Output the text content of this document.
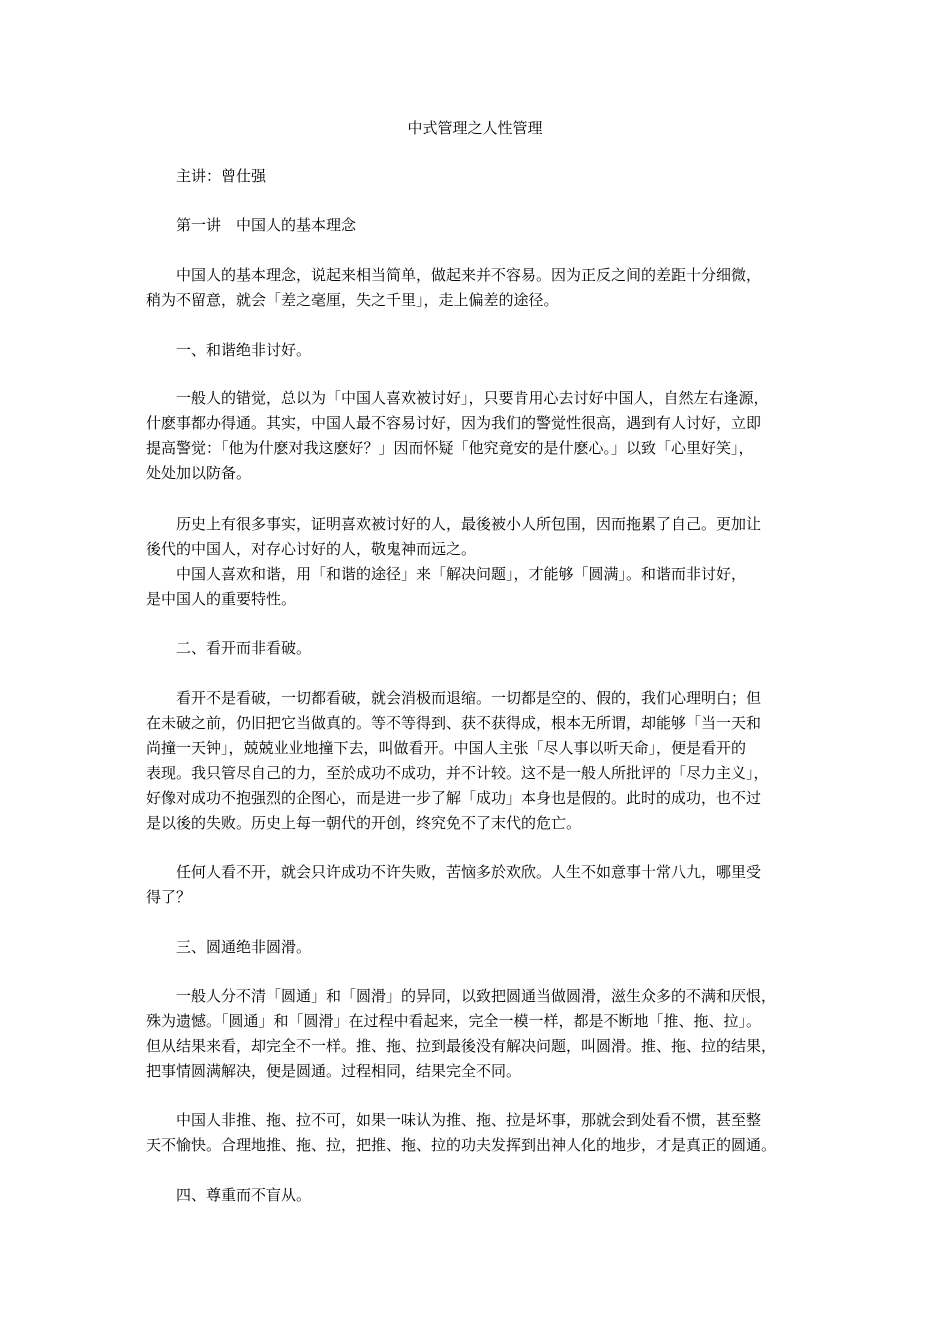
中式管理之人性管理
主讲：曾仕强
第一讲　中国人的基本理念
中国人的基本理念，说起来相当简单，做起来并不容易。因为正反之间的差距十分细微，
稍为不留意，就会「差之毫厘，失之千里」，走上偏差的途径。
一、和谐绝非讨好。
一般人的错觉，总以为「中国人喜欢被讨好」，只要肯用心去讨好中国人，自然左右逢源，
什麽事都办得通。其实，中国人最不容易讨好，因为我们的警觉性很高，遇到有人讨好，立即
提高警觉：「他为什麽对我这麽好？」因而怀疑「他究竟安的是什麽心。」以致「心里好笑」，
处处加以防备。
历史上有很多事实，证明喜欢被讨好的人，最後被小人所包围，因而拖累了自己。更加让
後代的中国人，对存心讨好的人，敬鬼神而远之。
中国人喜欢和谐，用「和谐的途径」来「解决问题」，才能够「圆满」。和谐而非讨好，
是中国人的重要特性。
二、看开而非看破。
看开不是看破，一切都看破，就会消极而退缩。一切都是空的、假的，我们心理明白；但
在未破之前，仍旧把它当做真的。等不等得到、获不获得成，根本无所谓，却能够「当一天和
尚撞一天钟」，兢兢业业地撞下去，叫做看开。中国人主张「尽人事以听天命」，便是看开的
表现。我只管尽自己的力，至於成功不成功，并不计较。这不是一般人所批评的「尽力主义」，
好像对成功不抱强烈的企图心，而是进一步了解「成功」本身也是假的。此时的成功，也不过
是以後的失败。历史上每一朝代的开创，终究免不了末代的危亡。
任何人看不开，就会只许成功不许失败，苦恼多於欢欣。人生不如意事十常八九，哪里受
得了？
三、圆通绝非圆滑。
一般人分不清「圆通」和「圆滑」的异同，以致把圆通当做圆滑，滋生众多的不满和厌恨，
殊为遗憾。「圆通」和「圆滑」在过程中看起来，完全一模一样，都是不断地「推、拖、拉」。
但从结果来看，却完全不一样。推、拖、拉到最後没有解决问题，叫圆滑。推、拖、拉的结果，
把事情圆满解决，便是圆通。过程相同，结果完全不同。
中国人非推、拖、拉不可，如果一味认为推、拖、拉是坏事，那就会到处看不惯，甚至整
天不愉快。合理地推、拖、拉，把推、拖、拉的功夫发挥到出神人化的地步，才是真正的圆通。
四、尊重而不盲从。
